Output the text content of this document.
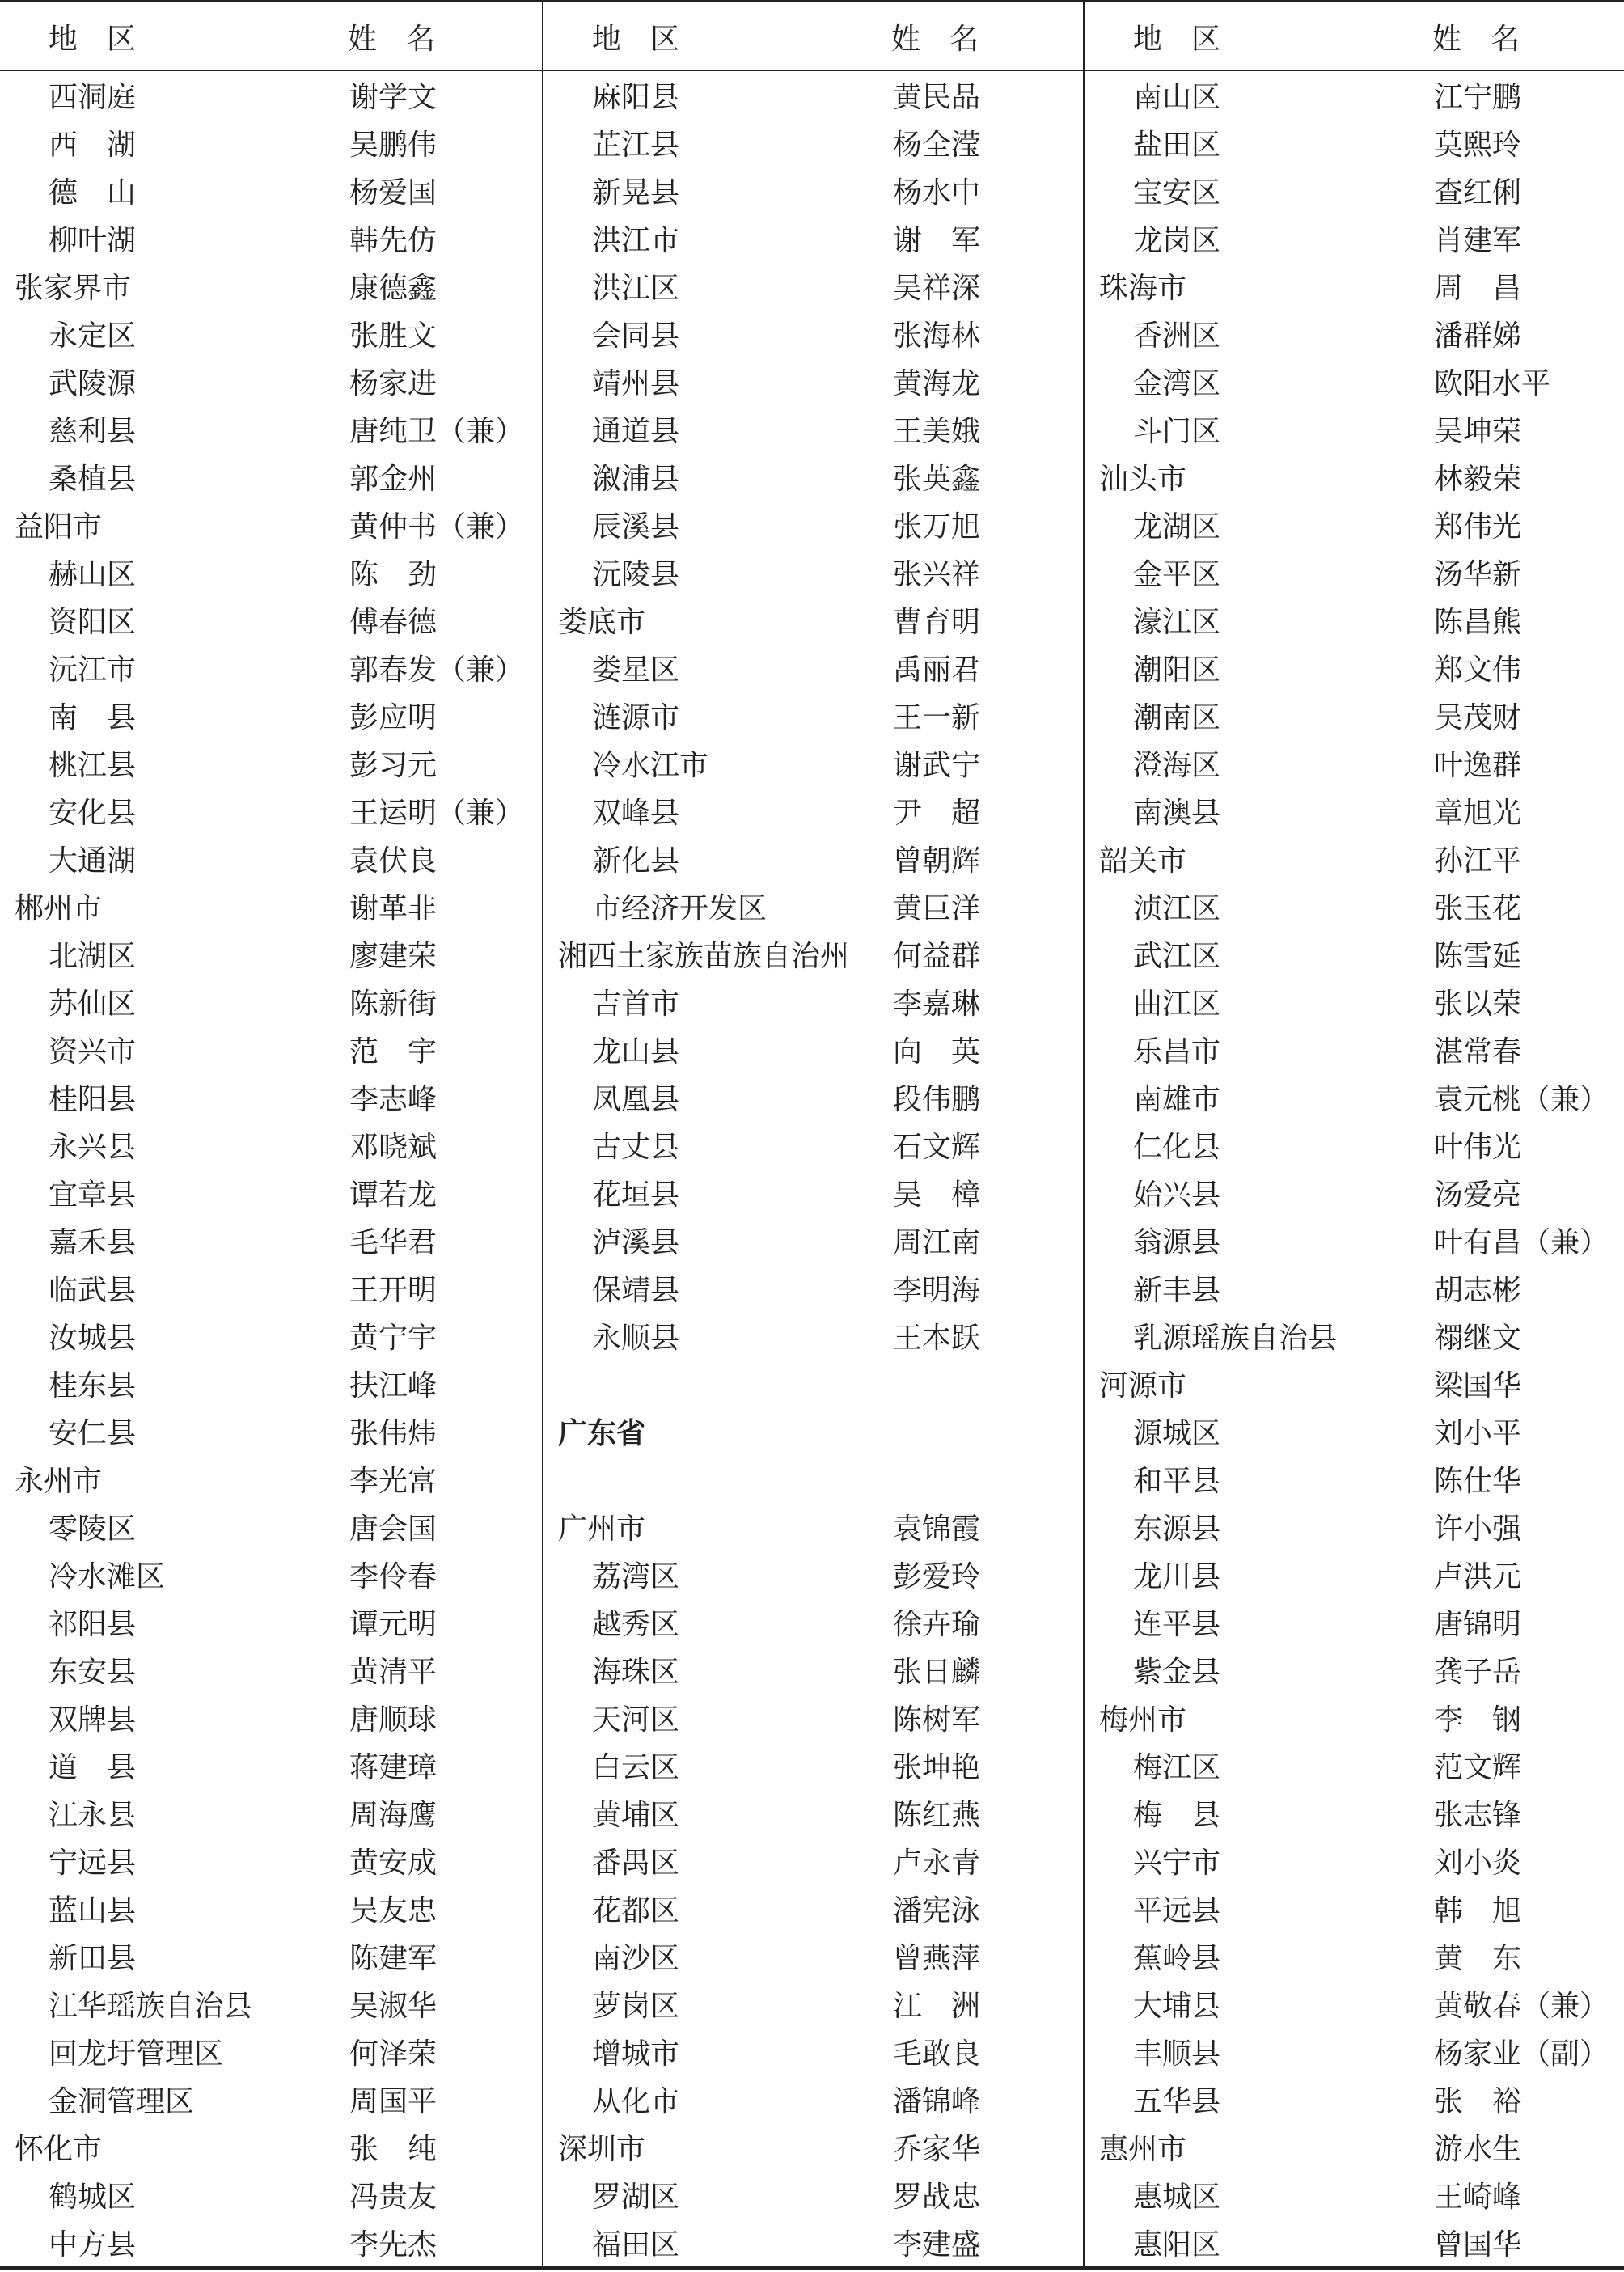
地　区	姓　名
西洞庭	谢学文
西　湖	吴鹏伟
德　山	杨爱国
柳叶湖	韩先仿
张家界市	康德鑫
永定区	张胜文
武陵源	杨家进
慈利县	唐纯卫（兼）
桑植县	郭金州
益阳市	黄仲书（兼）
赫山区	陈　劲
资阳区	傅春德
沅江市	郭春发（兼）
南　县	彭应明
桃江县	彭习元
安化县	王运明（兼）
大通湖	袁伏良
郴州市	谢革非
北湖区	廖建荣
苏仙区	陈新街
资兴市	范　宇
桂阳县	李志峰
永兴县	邓晓斌
宜章县	谭若龙
嘉禾县	毛华君
临武县	王开明
汝城县	黄宁宇
桂东县	扶江峰
安仁县	张伟炜
永州市	李光富
零陵区	唐会国
冷水滩区	李伶春
祁阳县	谭元明
东安县	黄清平
双牌县	唐顺球
道　县	蒋建璋
江永县	周海鹰
宁远县	黄安成
蓝山县	吴友忠
新田县	陈建军
江华瑶族自治县	吴淑华
回龙圩管理区	何泽荣
金洞管理区	周国平
怀化市	张　纯
鹤城区	冯贵友
中方县	李先杰
地　区	姓　名
麻阳县	黄民品
芷江县	杨全滢
新晃县	杨水中
洪江市	谢　军
洪江区	吴祥深
会同县	张海林
靖州县	黄海龙
通道县	王美娥
溆浦县	张英鑫
辰溪县	张万旭
沅陵县	张兴祥
娄底市	曹育明
娄星区	禹丽君
涟源市	王一新
冷水江市	谢武宁
双峰县	尹　超
新化县	曾朝辉
市经济开发区	黄巨洋
湘西土家族苗族自治州 何益群
吉首市	李嘉琳
龙山县	向　英
凤凰县	段伟鹏
古丈县	石文辉
花垣县	吴　樟
泸溪县	周江南
保靖县	李明海
永顺县	王本跃
广东省
广州市	袁锦霞
荔湾区	彭爱玲
越秀区	徐卉瑜
海珠区	张日麟
天河区	陈树军
白云区	张坤艳
黄埔区	陈红燕
番禺区	卢永青
花都区	潘宪泳
南沙区	曾燕萍
萝岗区	江　洲
增城市	毛敢良
从化市	潘锦峰
深圳市	乔家华
罗湖区	罗战忠
福田区	李建盛
地　区	姓　名
南山区	江宁鹏
盐田区	莫熙玲
宝安区	查红俐
龙岗区	肖建军
珠海市	周　昌
香洲区	潘群娣
金湾区	欧阳水平
斗门区	吴坤荣
汕头市	林毅荣
龙湖区	郑伟光
金平区	汤华新
濠江区	陈昌熊
潮阳区	郑文伟
潮南区	吴茂财
澄海区	叶逸群
南澳县	章旭光
韶关市	孙江平
浈江区	张玉花
武江区	陈雪延
曲江区	张以荣
乐昌市	湛常春
南雄市	袁元桃（兼）
仁化县	叶伟光
始兴县	汤爱亮
翁源县	叶有昌（兼）
新丰县	胡志彬
乳源瑶族自治县	禤继文
河源市	梁国华
源城区	刘小平
和平县	陈仕华
东源县	许小强
龙川县	卢洪元
连平县	唐锦明
紫金县	龚子岳
梅州市	李　钢
梅江区	范文辉
梅　县	张志锋
兴宁市	刘小炎
平远县	韩　旭
蕉岭县	黄　东
大埔县	黄敬春（兼）
丰顺县	杨家业（副）
五华县	张　裕
惠州市	游水生
惠城区	王崎峰
惠阳区	曾国华
